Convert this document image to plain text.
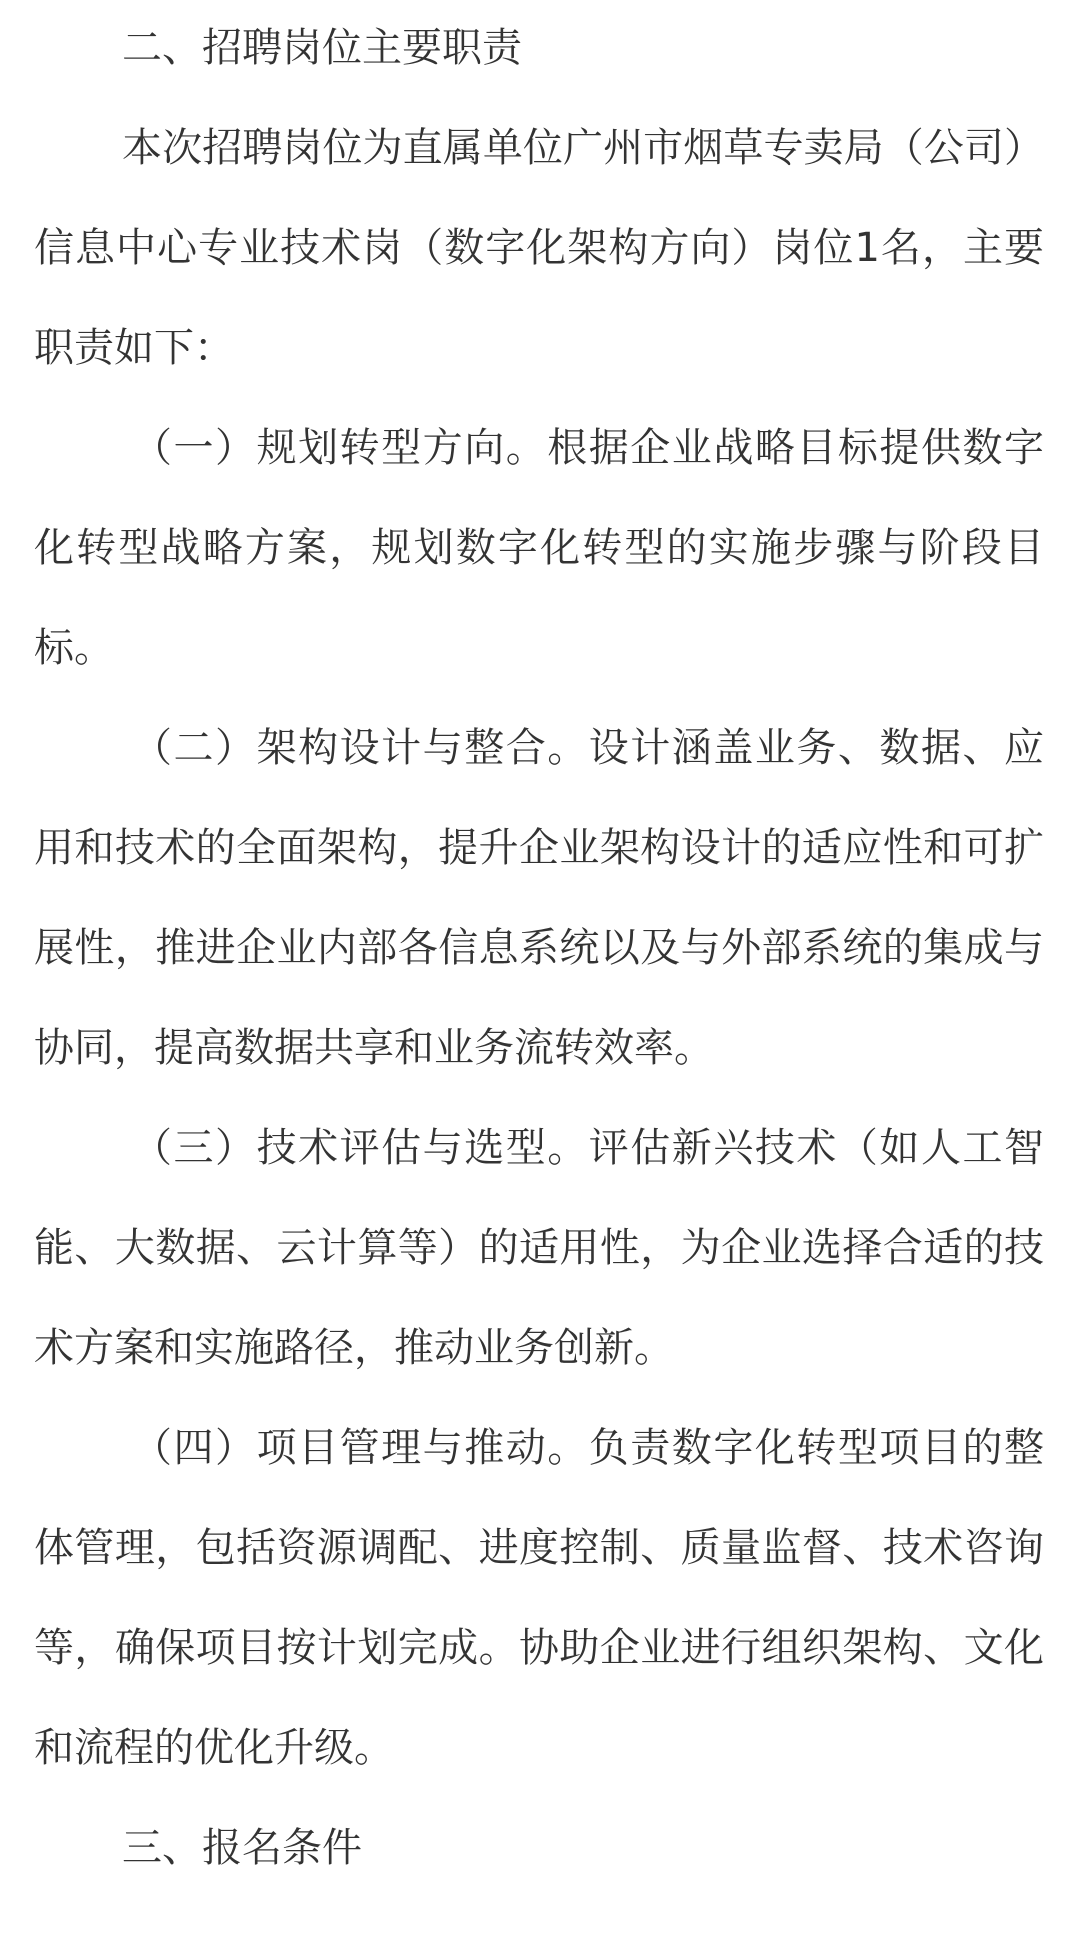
二、招聘岗位主要职责

本次招聘岗位为直属单位广州市烟草专卖局（公司）信息中心专业技术岗（数字化架构方向）岗位1名，主要职责如下：

（一）规划转型方向。根据企业战略目标提供数字化转型战略方案，规划数字化转型的实施步骤与阶段目标。

（二）架构设计与整合。设计涵盖业务、数据、应用和技术的全面架构，提升企业架构设计的适应性和可扩展性，推进企业内部各信息系统以及与外部系统的集成与协同，提高数据共享和业务流转效率。

（三）技术评估与选型。评估新兴技术（如人工智能、大数据、云计算等）的适用性，为企业选择合适的技术方案和实施路径，推动业务创新。

（四）项目管理与推动。负责数字化转型项目的整体管理，包括资源调配、进度控制、质量监督、技术咨询等，确保项目按计划完成。协助企业进行组织架构、文化和流程的优化升级。

三、报名条件
